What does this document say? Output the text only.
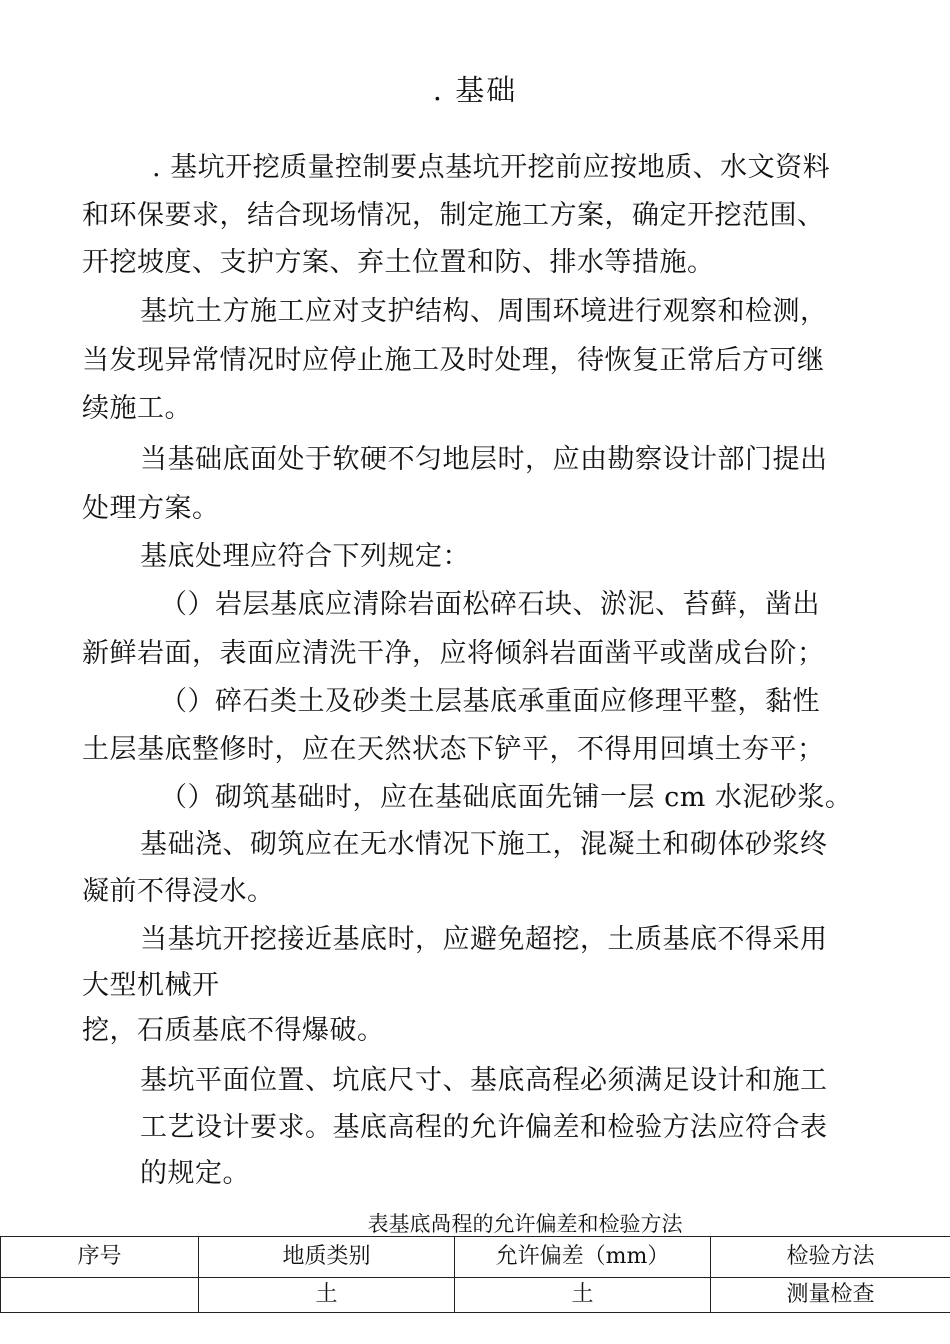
. 基础
. 基坑开挖质量控制要点基坑开挖前应按地质、水文资料
和环保要求，结合现场情况，制定施工方案，确定开挖范围、
开挖坡度、支护方案、弃土位置和防、排水等措施。
基坑土方施工应对支护结构、周围环境进行观察和检测，
当发现异常情况时应停止施工及时处理，待恢复正常后方可继
续施工。
当基础底面处于软硬不匀地层时，应由勘察设计部门提出
处理方案。
基底处理应符合下列规定：
（）岩层基底应清除岩面松碎石块、淤泥、苔藓，凿出
新鲜岩面，表面应清洗干净，应将倾斜岩面凿平或凿成台阶；
（）碎石类土及砂类土层基底承重面应修理平整，黏性
土层基底整修时，应在天然状态下铲平，不得用回填土夯平；
（）砌筑基础时，应在基础底面先铺一层 cm 水泥砂浆。
基础浇、砌筑应在无水情况下施工，混凝土和砌体砂浆终
凝前不得浸水。
当基坑开挖接近基底时，应避免超挖，土质基底不得采用
大型机械开
挖，石质基底不得爆破。
基坑平面位置、坑底尺寸、基底高程必须满足设计和施工
工艺设计要求。基底高程的允许偏差和检验方法应符合表
的规定。
表基底咼程的允许偏差和检验方法
序号	地质类别	允许偏差（mm）	检验方法
	土	土	测量检查
